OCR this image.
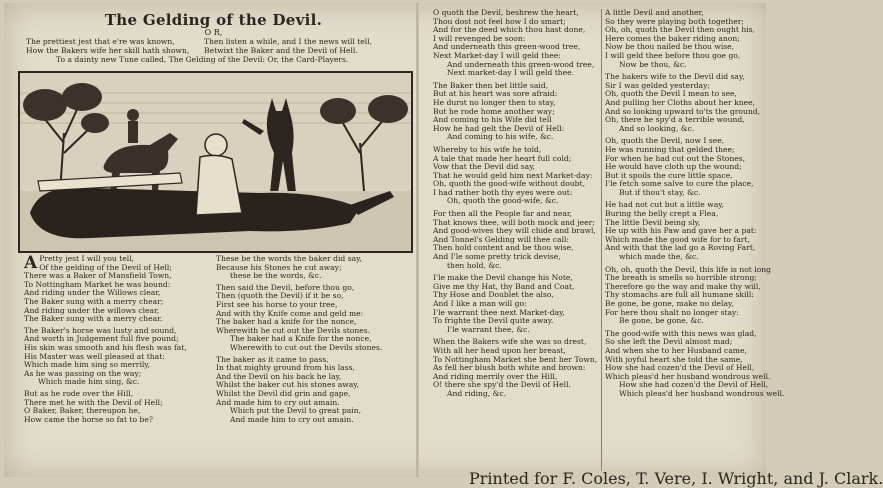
The Gelding of the Devil.
O R,
The prettiest jest that e're was known,
How the Bakers wife her skill hath shown,
Then listen a while, and I the news will tell,
Betwixt the Baker and the Devil of Hell.
To a dainty new Tune called, The Gelding of the Devil: Or, the Card-Players.

A Pretty jest I will you tell,
Of the gelding of the Devil of Hell;
There was a Baker of Mansfield Town,
To Nottingham Market he was bound:
And riding under the Willows clear,
The Baker sung with a merry chear;
And riding under the willows clear,
The Baker sung with a merry chear.

The Baker's horse was lusty and sound,
And worth in Judgement full five pound;
His skin was smooth and his flesh was fat,
His Master was well pleased at that:
Which made him sing so merrily,
As he was passing on the way;
Which made him sing, &c.

But as he rode over the Hill,
There met he with the Devil of Hell;
O Baker, Baker, thereupon he,
How came the horse so fat to be?

These be the words the baker did say,
Because his Stones he cut away;
these be the words, &c.

Then said the Devil, before thou go,
Then (quoth the Devil) if it be so,
First see his horse to your tree,
And with thy Knife come and geld me:
The baker had a knife for the nonce,
Wherewith he cut out the Devils stones.
The baker had a Knife for the nonce,
Wherewith to cut out the Devils stones.

The baker as it came to pass,
In that mighty ground from his lass,
And the Devil on his back he lay,
Whilst the baker cut his stones away,
Whilst the Devil did grin and gape,
And made him to cry out amain.
Which put the Devil to great pain,
And made him to cry out amain.

O quoth the Devil, beshrew the heart,
Thou dost not feel how I do smart;
And for the deed which thou hast done,
I will revenged be soon:
And underneath this green-wood tree,
Next Market-day I will geld thee:
And underneath this green-wood tree,
Next market-day I will geld thee.

The Baker then bet little said,
But at his heart was sore afraid:
He durst no longer then to stay,
But he rode home another way;
And coming to his Wife did tell
How he had gelt the Devil of Hell:
And coming to his wife, &c.

Whereby to his wife he told,
A tale that made her heart full cold;
Vow that the Devil did say,
That he would geld him next Market-day:
Oh, quoth the good-wife without doubt,
I had rather both thy eyes were out:
Oh, quoth the good-wife, &c.

For then all the People far and near,
That knows thee, will both mock and jeer;
And good-wives they will chide and brawl,
And Tonnel's Gelding will thee call:
Then hold content and be thou wise,
And I'le some pretty trick devise,
then hold, &c.

I'le make the Devil change his Note,
Give me thy Hat, thy Band and Coat,
Thy Hose and Doublet the also,
And I like a man will go:
I'le warrant thee next Market-day,
To frighte the Devil quite away.
I'le warrant thee, &c.

When the Bakers wife she was so drest,
With all her head upon her breast,
To Nottingham Market she bent her Town,
As fell her blush both white and brown:
And riding merrily over the Hill,
O! there she spy'd the Devil of Hell.
And riding, &c.

A little Devil and another,
So they were playing both together;
Oh, oh, quoth the Devil then ought his,
Here comes the baker riding anon;
Now be thou nailed be thou wise,
I will geld thee before thou goe go,
Now be thou, &c.

The bakers wife to the Devil did say,
Sir I was gelded yesterday;
Oh, quoth the Devil I mean to see,
And pulling her Cloths about her knee,
And so looking upward to'ts the ground,
Oh, there he spy'd a terrible wound,
And so looking, &c.

Oh, quoth the Devil, now I see,
He was running that gelded thee;
For when he had cut out the Stones,
He would have cloth up the wound;
But it spoils the cure little space,
I'le fetch some salve to cure the place,
But if thou't stay, &c.

He had not cut but a little way,
Buring the belly crept a Flea,
The little Devil being sly,
He up with his Paw and gave her a pat:
Which made the good wife for to fart,
And with that the lad go a Roving Fart,
which made the, &c.

Oh, oh, quoth the Devil, this life is not long
The breath is smells so horrible strong;
Therefore go the way and make thy will,
Thy stomachs are full all humane skill:
Be gone, be gone, make no delay,
For here thou shalt no longer stay:
Be gone, be gone, &c.

The good-wife with this news was glad,
So she left the Devil almost mad;
And when she to her Husband came,
With joyful heart she told the same,
How she had cozen'd the Devil of Hell,
Which pleas'd her husband wondrous well.
How she had cozen'd the Devil of Hell,
Which pleas'd her husband wondrous well.

Printed for F. Coles, T. Vere, I. Wright, and J. Clark.
